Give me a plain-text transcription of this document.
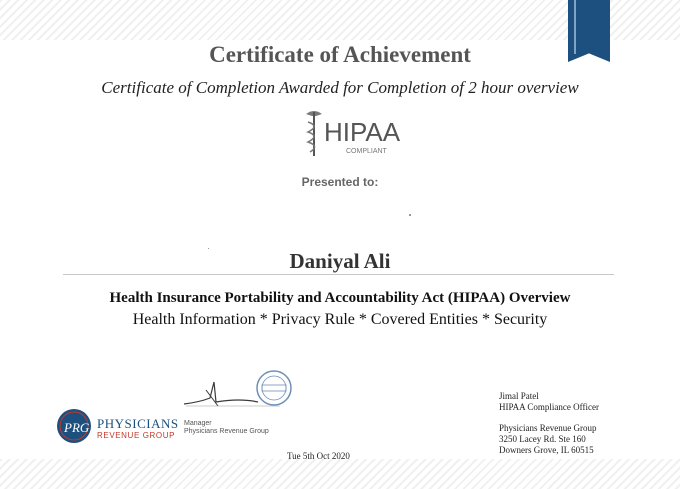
Certificate of Achievement
Certificate of Completion Awarded for Completion of 2 hour overview
HIPAA
COMPLIANT
Presented to:
Daniyal Ali
Health Insurance Portability and Accountability Act (HIPAA) Overview
Health Information * Privacy Rule * Covered Entities * Security
PRG PHYSICIANS
REVENUE GROUP
Manager
Physicians Revenue Group
Tue 5th Oct 2020
Jimal Patel
HIPAA Compliance Officer
Physicians Revenue Group
3250 Lacey Rd. Ste 160
Downers Grove, IL 60515
